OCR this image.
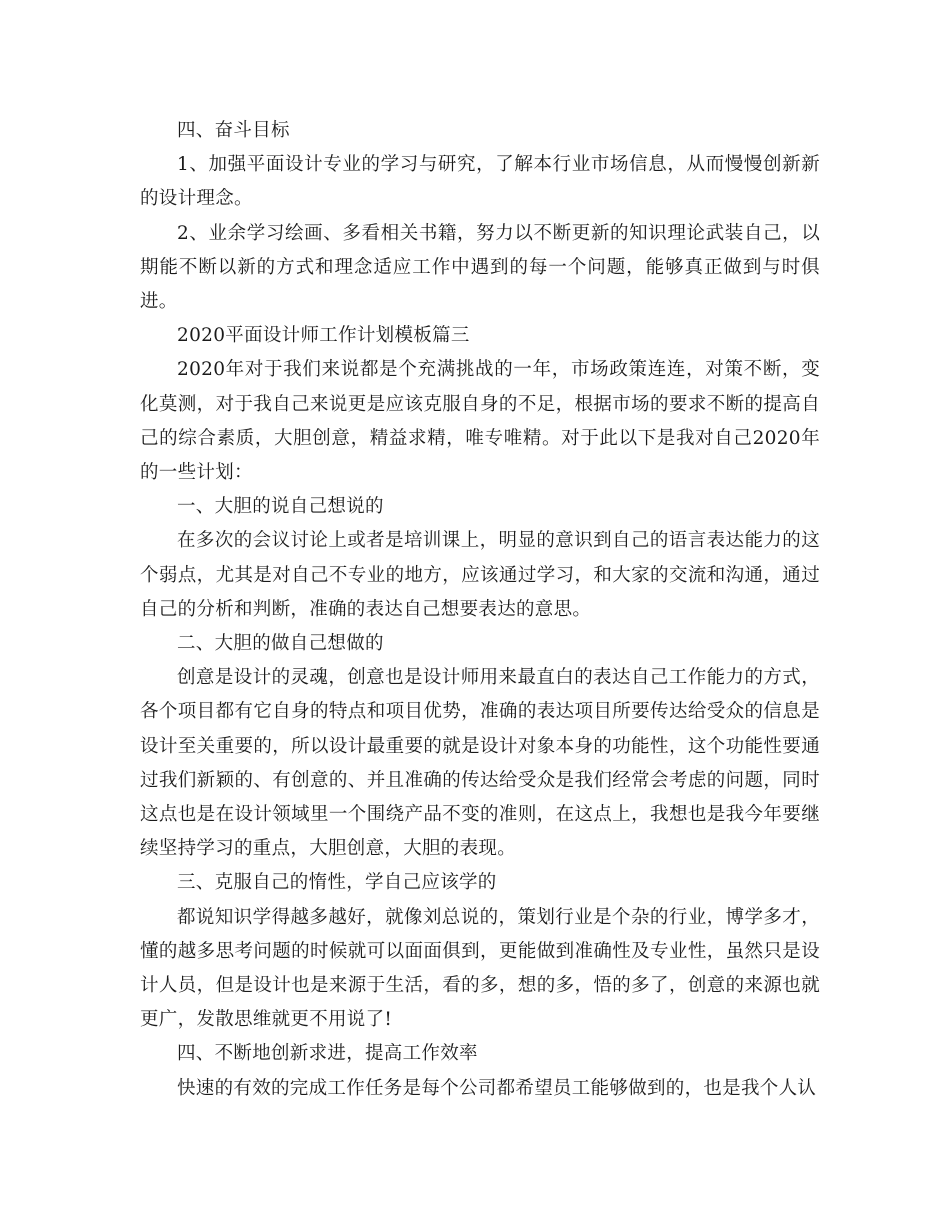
四、奋斗目标

1、加强平面设计专业的学习与研究，了解本行业市场信息，从而慢慢创新新的设计理念。

2、业余学习绘画、多看相关书籍，努力以不断更新的知识理论武装自己，以期能不断以新的方式和理念适应工作中遇到的每一个问题，能够真正做到与时俱进。

2020平面设计师工作计划模板篇三

2020年对于我们来说都是个充满挑战的一年，市场政策连连，对策不断，变化莫测，对于我自己来说更是应该克服自身的不足，根据市场的要求不断的提高自己的综合素质，大胆创意，精益求精，唯专唯精。对于此以下是我对自己2020年的一些计划：

一、大胆的说自己想说的

在多次的会议讨论上或者是培训课上，明显的意识到自己的语言表达能力的这个弱点，尤其是对自己不专业的地方，应该通过学习，和大家的交流和沟通，通过自己的分析和判断，准确的表达自己想要表达的意思。

二、大胆的做自己想做的

创意是设计的灵魂，创意也是设计师用来最直白的表达自己工作能力的方式，各个项目都有它自身的特点和项目优势，准确的表达项目所要传达给受众的信息是设计至关重要的，所以设计最重要的就是设计对象本身的功能性，这个功能性要通过我们新颖的、有创意的、并且准确的传达给受众是我们经常会考虑的问题，同时这点也是在设计领域里一个围绕产品不变的准则，在这点上，我想也是我今年要继续坚持学习的重点，大胆创意，大胆的表现。

三、克服自己的惰性，学自己应该学的

都说知识学得越多越好，就像刘总说的，策划行业是个杂的行业，博学多才，懂的越多思考问题的时候就可以面面俱到，更能做到准确性及专业性，虽然只是设计人员，但是设计也是来源于生活，看的多，想的多，悟的多了，创意的来源也就更广，发散思维就更不用说了!

四、不断地创新求进，提高工作效率

快速的有效的完成工作任务是每个公司都希望员工能够做到的，也是我个人认
